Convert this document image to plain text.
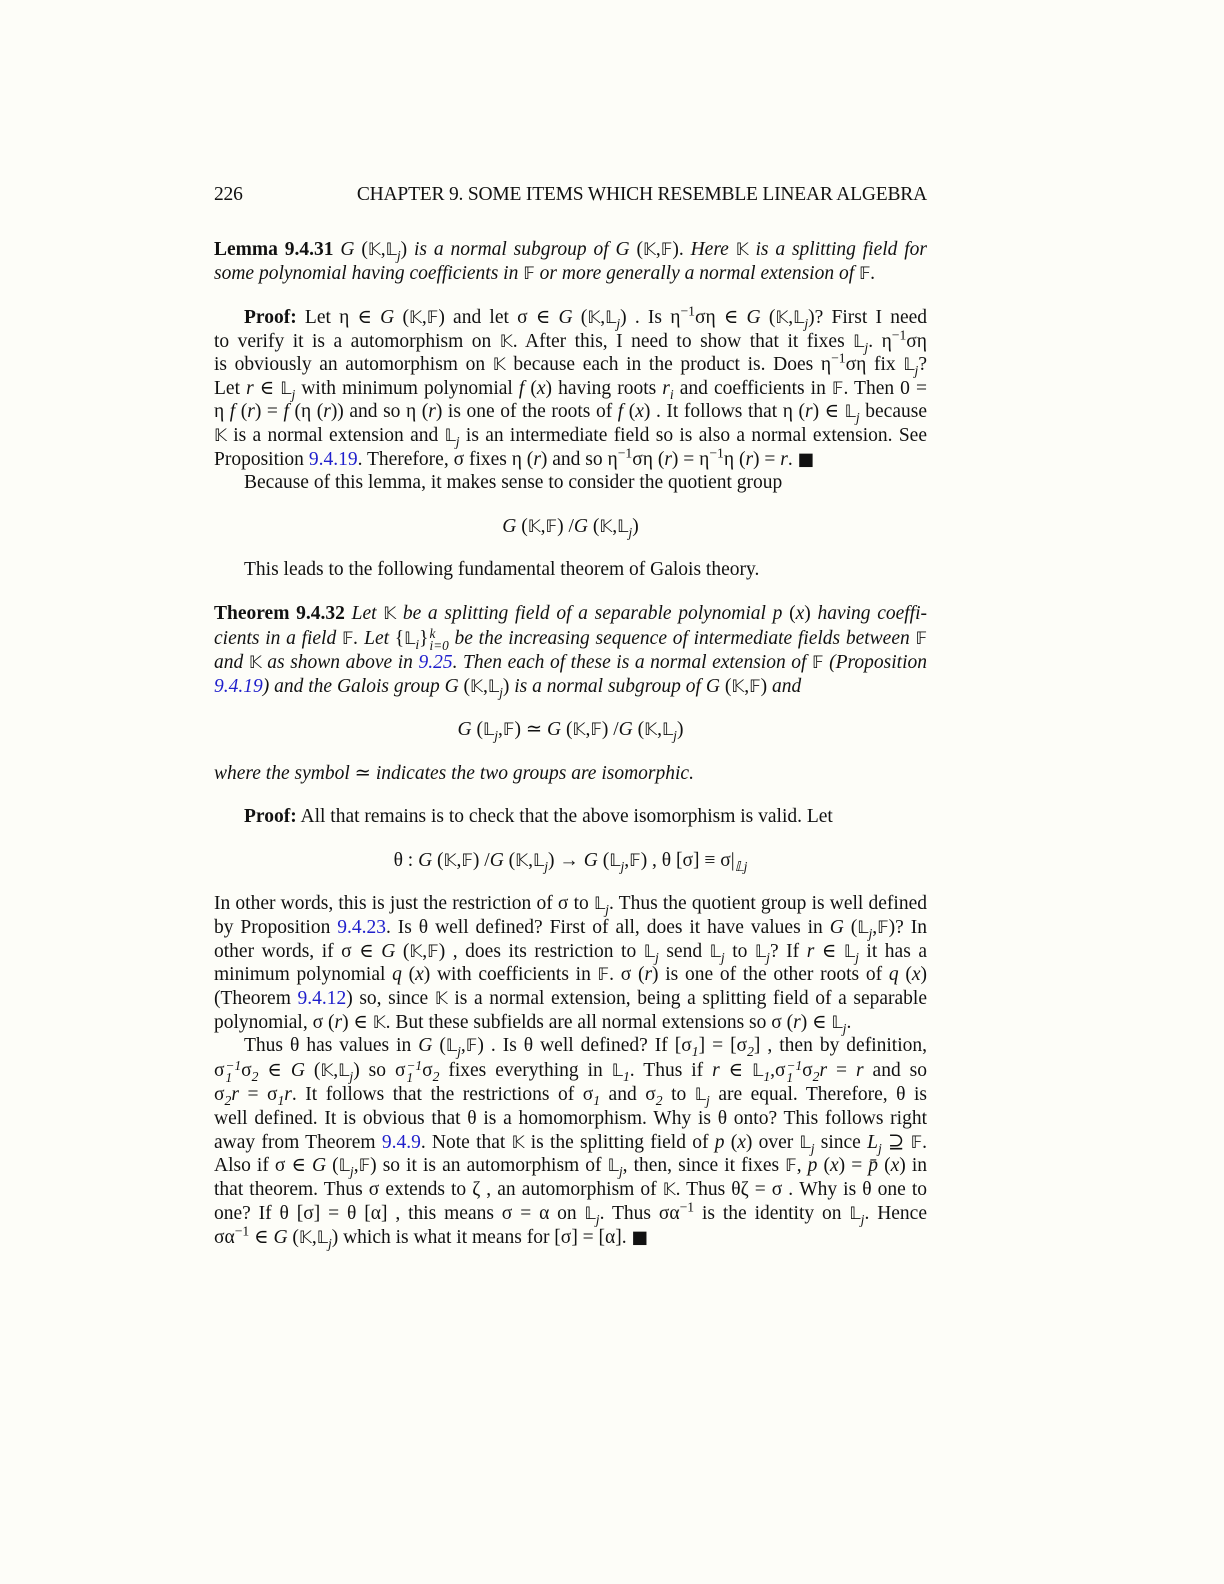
226	CHAPTER 9. SOME ITEMS WHICH RESEMBLE LINEAR ALGEBRA
Lemma 9.4.31 G (𝕂,𝕃$_j$) is a normal subgroup of G (𝕂,𝔽). Here 𝕂 is a splitting field for
some polynomial having coefficients in 𝔽 or more generally a normal extension of 𝔽.
Proof: Let η ∈ G (𝕂,𝔽) and let σ ∈ G (𝕂,𝕃$_j$) . Is $\eta^{-1}\sigma\eta$ ∈ G (𝕂,𝕃$_j$)? First I need
to verify it is a automorphism on 𝕂. After this, I need to show that it fixes 𝕃$_j$. $\eta^{-1}\sigma\eta$
is obviously an automorphism on 𝕂 because each in the product is. Does $\eta^{-1}\sigma\eta$ fix 𝕃$_j$?
Let r ∈ 𝕃$_j$ with minimum polynomial f (x) having roots $r_i$ and coefficients in 𝔽. Then 0 =
η f (r) = f (η (r)) and so η (r) is one of the roots of f (x) . It follows that η (r) ∈ 𝕃$_j$ because
𝕂 is a normal extension and 𝕃$_j$ is an intermediate field so is also a normal extension. See
Proposition 9.4.19. Therefore, σ fixes η (r) and so $\eta^{-1}\sigma\eta$ $(r) = \eta^{-1}\eta$ (r) = r. ■
Because of this lemma, it makes sense to consider the quotient group
G (𝕂,𝔽) /G (𝕂,𝕃$_j$)
This leads to the following fundamental theorem of Galois theory.
Theorem 9.4.32 Let 𝕂 be a splitting field of a separable polynomial p (x) having coeffi-
cients in a field 𝔽. Let {𝕃$_i$} k
i=0 be the increasing sequence of intermediate fields between 𝔽
and 𝕂 as shown above in 9.25. Then each of these is a normal extension of 𝔽 (Proposition
9.4.19) and the Galois group G (𝕂,𝕃$_j$) is a normal subgroup of G (𝕂,𝔽) and
G (𝕃$_j$,𝔽) ≃ G (𝕂,𝔽) /G (𝕂,𝕃$_j$)
where the symbol ≃ indicates the two groups are isomorphic.
Proof: All that remains is to check that the above isomorphism is valid. Let
θ : G (𝕂,𝔽) /G (𝕂,𝕃$_j$) → G (𝕃$_j$,𝔽) , θ $[\sigma] \equiv \sigma|_{𝕃j}$
In other words, this is just the restriction of σ to 𝕃$_j$. Thus the quotient group is well defined
by Proposition 9.4.23. Is θ well defined? First of all, does it have values in G (𝕃$_j$,𝔽)? In
other words, if σ ∈ G (𝕂,𝔽) , does its restriction to 𝕃$_j$ send 𝕃$_j$ to 𝕃$_j$? If r ∈ 𝕃$_j$ it has a
minimum polynomial q (x) with coefficients in 𝔽. σ (r) is one of the other roots of q (x)
(Theorem 9.4.12) so, since 𝕂 is a normal extension, being a splitting field of a separable
polynomial, σ (r) ∈ 𝕂. But these subfields are all normal extensions so σ (r) ∈ 𝕃$_j$.
Thus θ has values in G (𝕃$_j$,𝔽) . Is θ well defined? If $[\sigma_1] = [\sigma_2]$ , then by definition,
σ −1
1 $\sigma_2$ ∈ G (𝕂,𝕃$_j$) so σ −1
1 $\sigma_2$ fixes everything in 𝕃$_1$. Thus if r ∈ 𝕃$_1$,σ −1
1 $\sigma_2r = r$ and so
$\sigma_2r = \sigma_1r$. It follows that the restrictions of $\sigma_1$ and $\sigma_2$ to 𝕃$_j$ are equal. Therefore, θ is
well defined. It is obvious that θ is a homomorphism. Why is θ onto? This follows right
away from Theorem 9.4.9. Note that 𝕂 is the splitting field of p (x) over 𝕃$_j$ since $L_j$ ⊇ 𝔽.
Also if σ ∈ G (𝕃$_j$,𝔽) so it is an automorphism of 𝕃$_j$, then, since it fixes 𝔽, p (x) = p̄ (x) in
that theorem. Thus σ extends to ζ , an automorphism of 𝕂. Thus θζ = σ . Why is θ one to
one? If θ [σ] = θ [α] , this means σ = α on 𝕃$_j$. Thus $\sigma\alpha^{-1}$ is the identity on 𝕃$_j$. Hence
$\sigma\alpha^{-1}$ ∈ G (𝕂,𝕃$_j$) which is what it means for [σ] = [α]. ■
